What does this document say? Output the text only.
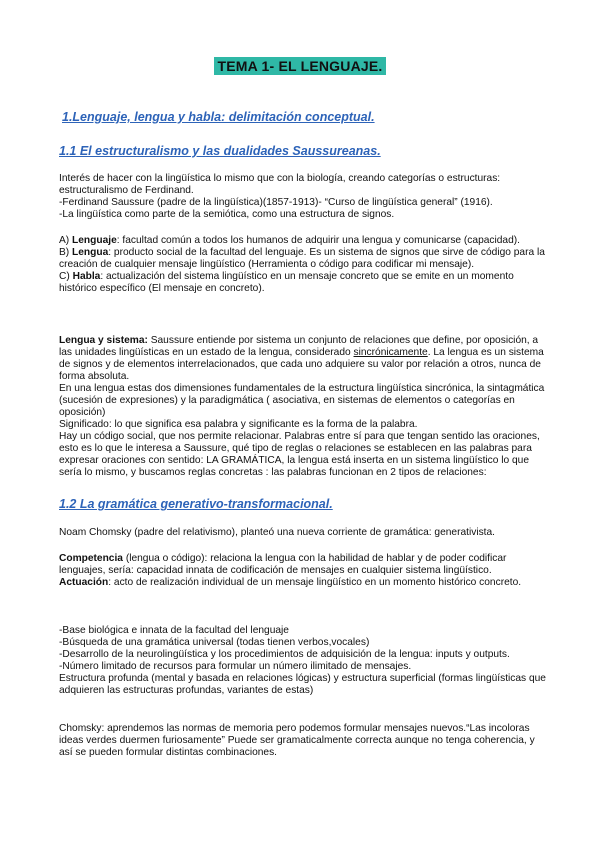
TEMA 1- EL LENGUAJE.
1.Lenguaje, lengua y habla: delimitación conceptual.
1.1 El estructuralismo y las dualidades Saussureanas.

Interés de hacer con la lingüística lo mismo que con la biología, creando categorías o estructuras: estructuralismo de Ferdinand.

-Ferdinand Saussure (padre de la lingüística)(1857-1913)- “Curso de lingüística general” (1916).

-La lingüística como parte de la semiótica, como una estructura de signos.

A) Lenguaje: facultad común a todos los humanos de adquirir una lengua y comunicarse (capacidad).

B) Lengua: producto social de la facultad del lenguaje. Es un sistema de signos que sirve de código para la creación de cualquier mensaje lingüístico (Herramienta o código para codificar mi mensaje).

C) Habla: actualización del sistema lingüístico en un mensaje concreto que se emite en un momento histórico específico (El mensaje en concreto).

Lengua y sistema: Saussure entiende por sistema un conjunto de relaciones que define, por oposición, a las unidades lingüísticas en un estado de la lengua, considerado sincrónicamente. La lengua es un sistema de signos y de elementos interrelacionados, que cada uno adquiere su valor por relación a otros, nunca de forma absoluta.

En una lengua estas dos dimensiones fundamentales de la estructura lingüística sincrónica, la sintagmática (sucesión de expresiones) y la paradigmática ( asociativa, en sistemas de elementos o categorías en oposición)

Significado: lo que significa esa palabra y significante es la forma de la palabra.

Hay un código social, que nos permite relacionar. Palabras entre sí para que tengan sentido las oraciones, esto es lo que le interesa a Saussure, qué tipo de reglas o relaciones se establecen en las palabras para expresar oraciones con sentido: LA GRAMÁTICA, la lengua está inserta en un sistema lingüístico lo que sería lo mismo, y buscamos reglas concretas : las palabras funcionan en 2 tipos de relaciones:

1.2 La gramática generativo-transformacional.

Noam Chomsky (padre del relativismo), planteó una nueva corriente de gramática: generativista.

Competencia (lengua o código): relaciona la lengua con la habilidad de hablar y de poder codificar lenguajes, sería: capacidad innata de codificación de mensajes en cualquier sistema lingüístico.

Actuación: acto de realización individual de un mensaje lingüístico en un momento histórico concreto.

-Base biológica e innata de la facultad del lenguaje

-Búsqueda de una gramática universal (todas tienen verbos,vocales)

-Desarrollo de la neurolingüística y los procedimientos de adquisición de la lengua: inputs y outputs.

-Número limitado de recursos para formular un número ilimitado de mensajes.

Estructura profunda (mental y basada en relaciones lógicas) y estructura superficial (formas lingüísticas que adquieren las estructuras profundas, variantes de estas)

Chomsky: aprendemos las normas de memoria pero podemos formular mensajes nuevos.“Las incoloras ideas verdes duermen furiosamente” Puede ser gramaticalmente correcta aunque no tenga coherencia, y así se pueden formular distintas combinaciones.
